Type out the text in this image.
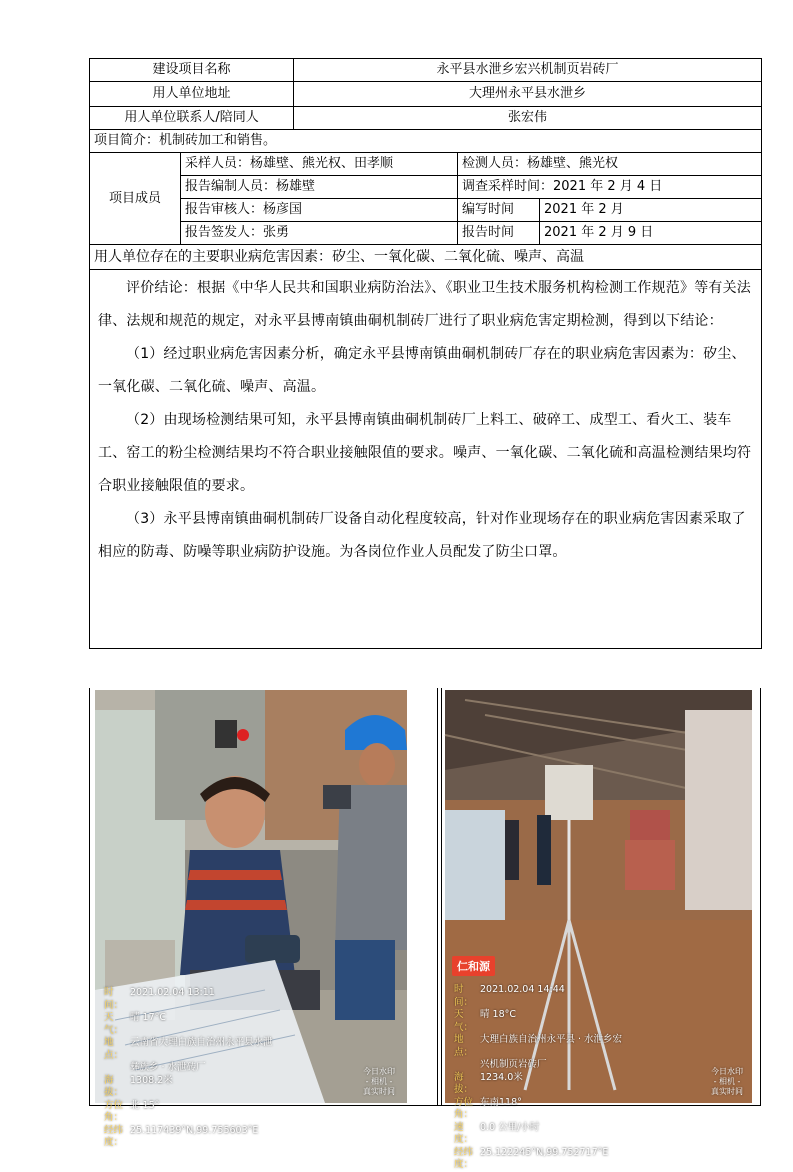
建设项目名称		永平县水泄乡宏兴机制页岩砖厂		
用人单位地址		大理州永平县水泄乡		
用人单位联系人/陪同人		张宏伟		
项目简介：机制砖加工和销售。				
项目成员	采样人员：杨雄壁、熊光权、田孝顺		检测人员：杨雄壁、熊光权	
	报告编制人员：杨雄壁		调查采样时间：2021 年 2 月 4 日	
	报告审核人：杨彦国		编写时间	2021 年 2 月
	报告签发人：张勇		报告时间	2021 年 2 月 9 日
用人单位存在的主要职业病危害因素：矽尘、一氧化碳、二氧化硫、噪声、高温				

评价结论：根据《中华人民共和国职业病防治法》、《职业卫生技术服务机构检测工作规范》等有关法律、法规和规范的规定，对永平县博南镇曲硐机制砖厂进行了职业病危害定期检测，得到以下结论：

（1）经过职业病危害因素分析，确定永平县博南镇曲硐机制砖厂存在的职业病危害因素为：矽尘、一氧化碳、二氧化硫、噪声、高温。

（2）由现场检测结果可知，永平县博南镇曲硐机制砖厂上料工、破碎工、成型工、看火工、装车工、窑工的粉尘检测结果均不符合职业接触限值的要求。噪声、一氧化碳、二氧化硫和高温检测结果均符合职业接触限值的要求。

（3）永平县博南镇曲硐机制砖厂设备自动化程度较高，针对作业现场存在的职业病危害因素采取了相应的防毒、防噪等职业病防护设施。为各岗位作业人员配发了防尘口罩。				

时　间：
2021.02.04 13:11
天　气：
晴 17°C
地　点：
云南省大理白族自治州永平县水泄
彝族乡 · 水泄砖厂
海　拔：
1308.2米
方位角：
北 15°
经纬度：
25.117439°N,99.755603°E
今日水印
- 相机 -
真实时间
仁和源
时　间：
2021.02.04 14:44
天　气：
晴 18°C
地　点：
大理白族自治州永平县 · 水泄乡宏
兴机制页岩砖厂
海　拔：
1234.0米
方位角：
东南118°
速　度：
0.0 公里/小时
经纬度：
25.122245°N,99.752717°E
今日水印
- 相机 -
真实时间
